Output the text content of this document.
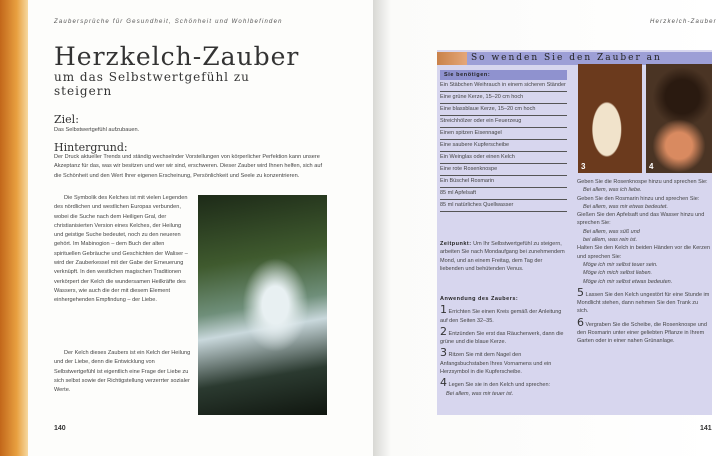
Zaubersprüche für Gesundheit, Schönheit und Wohlbefinden
Herzkelch-Zauber
um das Selbstwertgefühl zu steigern
Ziel:
Das Selbstwertgefühl aufzubauen.
Hintergrund:
Der Druck aktueller Trends und ständig wechselnder Vorstellungen von körperlicher Perfektion kann unsere Akzeptanz für das, was wir besitzen und wer wir sind, erschweren. Dieser Zauber wird Ihnen helfen, sich auf die Schönheit und den Wert Ihrer eigenen Erscheinung, Persönlichkeit und Seele zu konzentrieren.
Die Symbolik des Kelches ist mit vielen Legenden des nördlichen und westlichen Europas verbunden, wobei die Suche nach dem Heiligen Gral, der christianisierten Version eines Kelches, der Heilung und geistige Suche bedeutet, noch zu den neueren gehört. Im Mabinogion – dem Buch der alten spirituellen Gebräuche und Geschichten der Waliser – wird der Zauberkessel mit der Gabe der Erneuerung verknüpft. In den westlichen magischen Traditionen verkörpert der Kelch die wundersamen Heilkräfte des Wassers, wie auch die der mit diesem Element einhergehenden Empfindung – der Liebe.
Der Kelch dieses Zaubers ist ein Kelch der Heilung und der Liebe, denn die Entwicklung von Selbstwertgefühl ist eigentlich eine Frage der Liebe zu sich selbst sowie der Richtigstellung verzerrter sozialer Werte.
140
Herzkelch-Zauber
So wenden Sie den Zauber an
Sie benötigen:
Ein Stäbchen Weihrauch in einem sicheren Ständer
Eine grüne Kerze, 15–20 cm hoch
Eine blassblaue Kerze, 15–20 cm hoch
Streichhölzer oder ein Feuerzeug
Einen spitzen Eisennagel
Eine saubere Kupferscheibe
Ein Weinglas oder einen Kelch
Eine rote Rosenknospe
Ein Büschel Rosmarin
85 ml Apfelsaft
85 ml natürliches Quellwasser
Zeitpunkt: Um Ihr Selbstwertgefühl zu steigern, arbeiten Sie nach Mondaufgang bei zunehmendem Mond, und an einem Freitag, dem Tag der liebenden und behütenden Venus.
Anwendung des Zaubers:
1 Errichten Sie einen Kreis gemäß der Anleitung auf den Seiten 32–35.
2 Entzünden Sie erst das Räucherwerk, dann die grüne und die blaue Kerze.
3 Ritzen Sie mit dem Nagel den Anfangsbuchstaben Ihres Vornamens und ein Herzsymbol in die Kupferscheibe.
4 Legen Sie sie in den Kelch und sprechen:
Bei allem, was mir teuer ist.
Geben Sie die Rosenknospe hinzu und sprechen Sie:
Bei allem, was ich liebe.
Geben Sie den Rosmarin hinzu und sprechen Sie:
Bei allem, was mir etwas bedeutet.
Gießen Sie den Apfelsaft und das Wasser hinzu und sprechen Sie:
Bei allem, was süß und
bei allem, was rein ist.
Halten Sie den Kelch in beiden Händen vor die Kerzen und sprechen Sie:
Möge ich mir selbst teuer sein.
Möge ich mich selbst lieben.
Möge ich mir selbst etwas bedeuten.
5 Lassen Sie den Kelch ungestört für eine Stunde im Mondlicht stehen, dann nehmen Sie den Trank zu sich.
6 Vergraben Sie die Scheibe, die Rosenknospe und den Rosmarin unter einer geliebten Pflanze in Ihrem Garten oder in einer nahen Grünanlage.
3	4
141
